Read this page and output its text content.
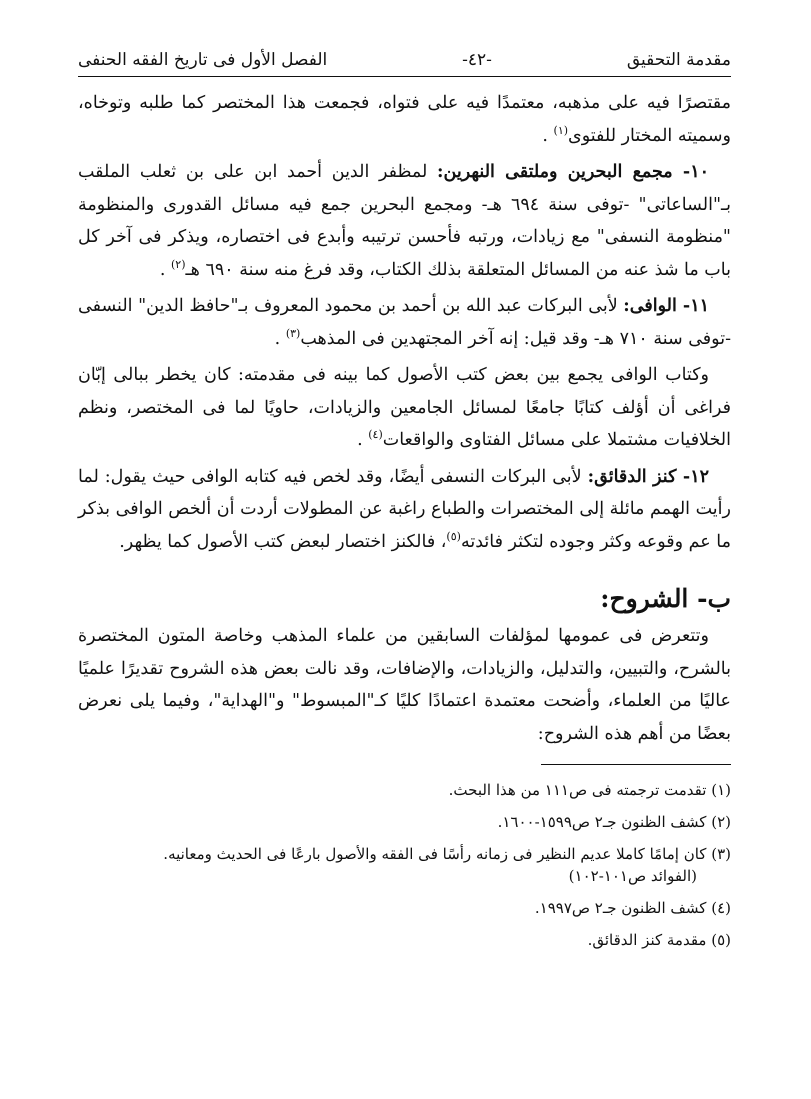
مقدمة التحقيق
-٤٢-
الفصل الأول فى تاريخ الفقه الحنفى

مقتصرًا فيه على مذهبه، معتمدًا فيه على فتواه، فجمعت هذا المختصر كما طلبه وتوخاه، وسميته المختار للفتوى$^{(١)}$ .

١٠- مجمع البحرين وملتقى النهرين: لمظفر الدين أحمد ابن على بن ثعلب الملقب بـ"الساعاتى" -توفى سنة ٦٩٤ هـ- ومجمع البحرين جمع فيه مسائل القدورى والمنظومة "منظومة النسفى" مع زيادات، ورتبه فأحسن ترتيبه وأبدع فى اختصاره، ويذكر فى آخر كل باب ما شذ عنه من المسائل المتعلقة بذلك الكتاب، وقد فرغ منه سنة ٦٩٠ هـ$^{(٢)}$ .

١١- الوافى: لأبى البركات عبد الله بن أحمد بن محمود المعروف بـ"حافظ الدين" النسفى -توفى سنة ٧١٠ هـ- وقد قيل: إنه آخر المجتهدين فى المذهب$^{(٣)}$ .

وكتاب الوافى يجمع بين بعض كتب الأصول كما بينه فى مقدمته: كان يخطر ببالى إبّان فراغى أن أؤلف كتابًا جامعًا لمسائل الجامعين والزيادات، حاويًا لما فى المختصر، ونظم الخلافيات مشتملا على مسائل الفتاوى والواقعات$^{(٤)}$ .

١٢- كنز الدقائق: لأبى البركات النسفى أيضًا، وقد لخص فيه كتابه الوافى حيث يقول: لما رأيت الهمم مائلة إلى المختصرات والطباع راغبة عن المطولات أردت أن ألخص الوافى بذكر ما عم وقوعه وكثر وجوده لتكثر فائدته$^{(٥)}$، فالكنز اختصار لبعض كتب الأصول كما يظهر.

ب- الشروح:

وتتعرض فى عمومها لمؤلفات السابقين من علماء المذهب وخاصة المتون المختصرة بالشرح، والتبيين، والتدليل، والزيادات، والإضافات، وقد نالت بعض هذه الشروح تقديرًا علميًا عاليًا من العلماء، وأضحت معتمدة اعتمادًا كليًا كـ"المبسوط" و"الهداية"، وفيما يلى نعرض بعضًا من أهم هذه الشروح:

(١) تقدمت ترجمته فى ص١١١ من هذا البحث.
(٢) كشف الظنون جـ٢ ص١٥٩٩-١٦٠٠.
(٣) كان إمامًا كاملا عديم النظير فى زمانه رأسًا فى الفقه والأصول بارعًا فى الحديث ومعانيه.
(الفوائد ص١٠١-١٠٢)
(٤) كشف الظنون جـ٢ ص١٩٩٧.
(٥) مقدمة كنز الدقائق.
